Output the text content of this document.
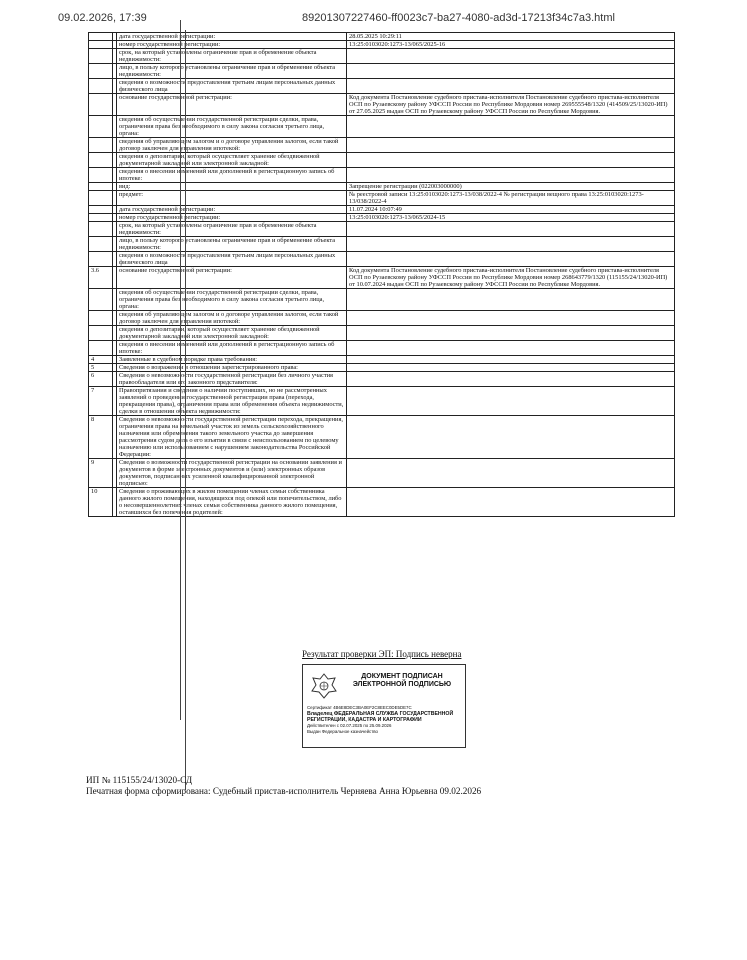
09.02.2026, 17:39	89201307227460-ff0023c7-ba27-4080-ad3d-17213f34c7a3.html
		дата государственной регистрации:	28.05.2025 10:29:11
		номер государственной регистрации:	13:25:0103020:1273-13/065/2025-16
		срок, на который установлены ограничение прав и обременение объекта недвижимости:	
		лицо, в пользу которого установлены ограничение прав и обременение объекта недвижимости:	
		сведения о возможности предоставления третьим лицам персональных данных физического лица	
		основание государственной регистрации:	Код документа Постановление судебного пристава-исполнителя Постановление судебного пристава-исполнителя ОСП по Рузаевскому району УФССП России по Республике Мордовия номер 269555548/1320 (414509/25/13020-ИП) от 27.05.2025 выдан ОСП по Рузаевскому району УФССП России по Республике Мордовия.
		сведения об осуществлении государственной регистрации сделки, права, ограничения права без необходимого в силу закона согласия третьего лица, органа:	
		сведения об управляющем залогом и о договоре управления залогом, если такой договор заключен для управления ипотекой:	
		сведения о депозитарии, который осуществляет хранение обездвиженной документарной закладной или электронной закладной:	
		сведения о внесении изменений или дополнений в регистрационную запись об ипотеке:	
		вид:	Запрещение регистрации (022003000000)
		предмет:	№ реестровой записи 13:25:0103020:1273-13/038/2022-4 № регистрации вещного права 13:25:0103020:1273-13/038/2022-4
		дата государственной регистрации:	11.07.2024 10:07:49
		номер государственной регистрации:	13:25:0103020:1273-13/065/2024-15
		срок, на который установлены ограничение прав и обременение объекта недвижимости:	
		лицо, в пользу которого установлены ограничение прав и обременение объекта недвижимости:	
		сведения о возможности предоставления третьим лицам персональных данных физического лица	
3.6		основание государственной регистрации:	Код документа Постановление судебного пристава-исполнителя Постановление судебного пристава-исполнителя ОСП по Рузаевскому району УФССП России по Республике Мордовия номер 268643779/1320 (115155/24/13020-ИП) от 10.07.2024 выдан ОСП по Рузаевскому району УФССП России по Республике Мордовия.
		сведения об осуществлении государственной регистрации сделки, права, ограничения права без необходимого в силу закона согласия третьего лица, органа:	
		сведения об управляющем залогом и о договоре управления залогом, если такой договор заключен для управления ипотекой:	
		сведения о депозитарии, который осуществляет хранение обездвиженной документарной закладной или электронной закладной:	
		сведения о внесении изменений или дополнений в регистрационную запись об ипотеке:	
4		Заявленные в судебном порядке права требования:	
5		Сведения о возражении в отношении зарегистрированного права:	
6		Сведения о невозможности государственной регистрации без личного участия правообладателя или его законного представителя:	
7		Правопритязания и сведения о наличии поступивших, но не рассмотренных заявлений о проведении государственной регистрации права (перехода, прекращения права), ограничения права или обременения объекта недвижимости, сделки в отношении объекта недвижимости:	
8		Сведения о невозможности государственной регистрации перехода, прекращения, ограничения права на земельный участок из земель сельскохозяйственного назначения или обременения такого земельного участка до завершения рассмотрения судом дела о его изъятии в связи с неиспользованием по целевому назначению или использованием с нарушением законодательства Российской Федерации:	
9		Сведения о возможности государственной регистрации на основании заявления и документов в форме электронных документов и (или) электронных образов документов, подписанных усиленной квалифицированной электронной подписью:	
10		Сведения о проживающих в жилом помещении членах семьи собственника данного жилого помещения, находящихся под опекой или попечительством, либо о несовершеннолетних членах семьи собственника данного жилого помещения, оставшихся без попечения родителей:	
Результат проверки ЭП: Подпись неверна
ДОКУМЕНТ ПОДПИСАН
ЭЛЕКТРОННОЙ ПОДПИСЬЮ
Сертификат 4B6E8DEC3BA0EF2C8EEC0DE5DE7C
Владелец ФЕДЕРАЛЬНАЯ СЛУЖБА ГОСУДАРСТВЕННОЙ РЕГИСТРАЦИИ, КАДАСТРА И КАРТОГРАФИИ
Действителен с 02.07.2025 по 25.09.2026
Выдан Федеральное казначейство
ИП № 115155/24/13020-СД
Печатная форма сформирована: Судебный пристав-исполнитель Черняева Анна Юрьевна 09.02.2026
